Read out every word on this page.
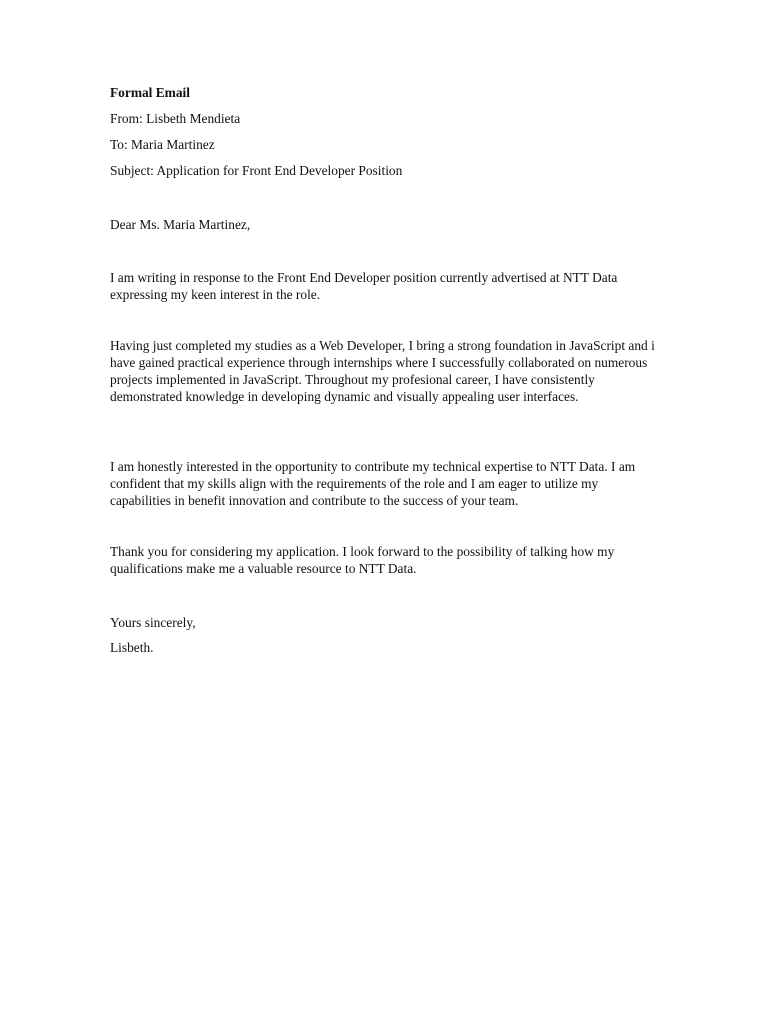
Formal Email

From: Lisbeth Mendieta

To: Maria Martinez

Subject: Application for Front End Developer Position

Dear Ms. Maria Martinez,

I am writing in response to the Front End Developer position currently advertised at NTT Data expressing my keen interest in the role.

Having just completed my studies as a Web Developer, I bring a strong foundation in JavaScript and i have gained practical experience through internships where I successfully collaborated on numerous projects implemented in JavaScript. Throughout my profesional career, I have consistently demonstrated knowledge in developing dynamic and visually appealing user interfaces.

I am honestly interested in the opportunity to contribute my technical expertise to NTT Data. I am confident that my skills align with the requirements of the role and I am eager to utilize my capabilities in benefit innovation and contribute to the success of your team.

Thank you for considering my application. I look forward to the possibility of talking how my qualifications make me a valuable resource to NTT Data.

Yours sincerely,

Lisbeth.
